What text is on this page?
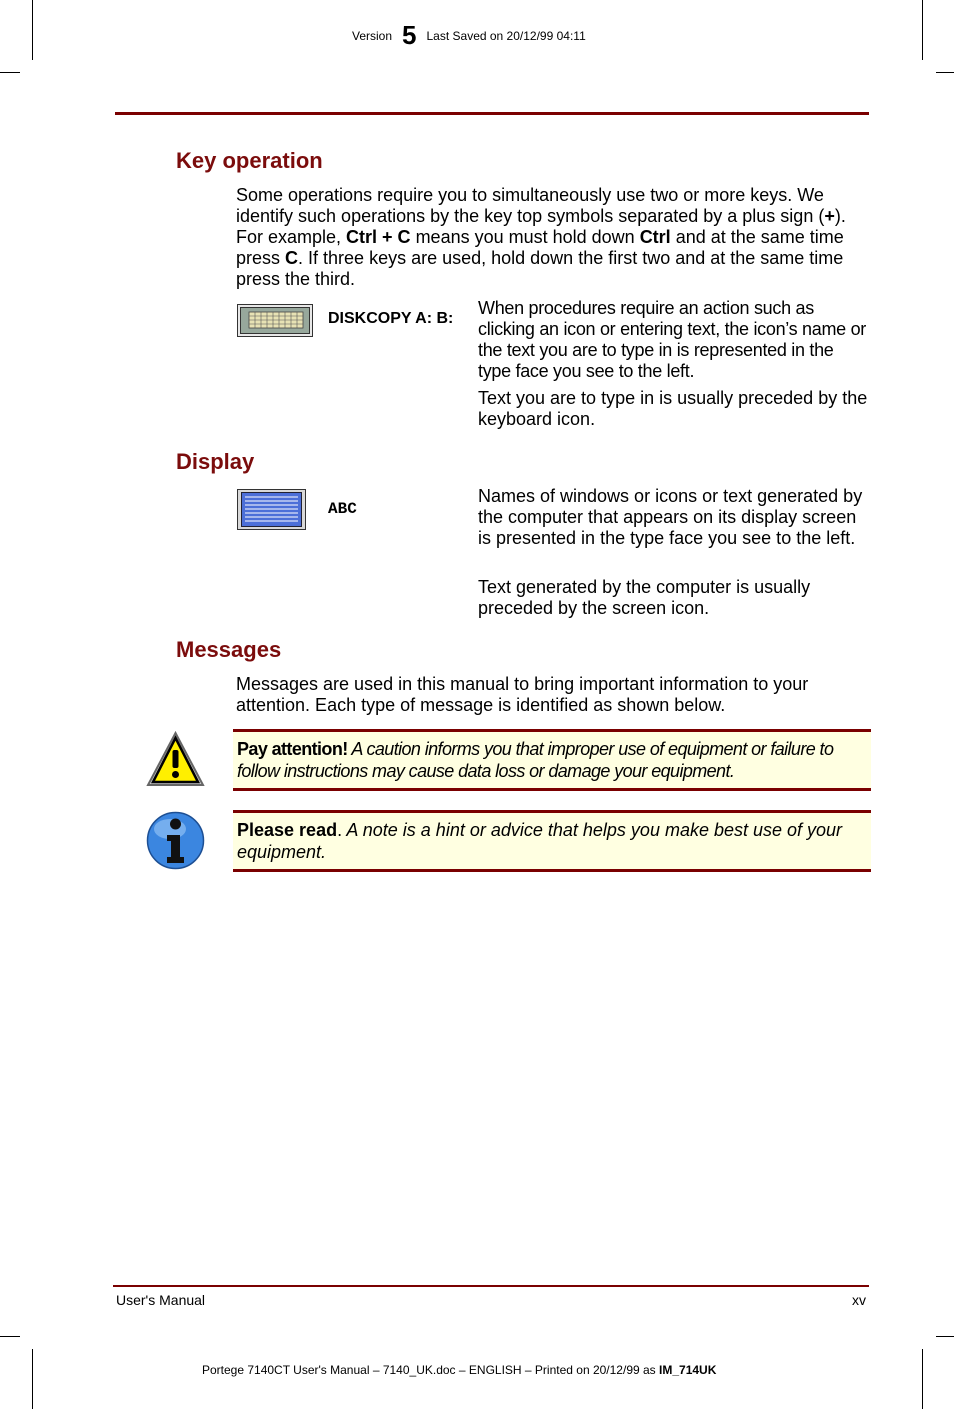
Version 5 Last Saved on 20/12/99 04:11
Key operation

Some operations require you to simultaneously use two or more keys. We identify such operations by the key top symbols separated by a plus sign (+). For example, Ctrl + C means you must hold down Ctrl and at the same time press C. If three keys are used, hold down the first two and at the same time press the third.

DISKCOPY A: B:

When procedures require an action such as clicking an icon or entering text, the icon’s name or the text you are to type in is represented in the type face you see to the left.

Text you are to type in is usually preceded by the keyboard icon.

Display
ABC

Names of windows or icons or text generated by the computer that appears on its display screen is presented in the type face you see to the left.

Text generated by the computer is usually preceded by the screen icon.

Messages

Messages are used in this manual to bring important information to your attention. Each type of message is identified as shown below.

Pay attention! A caution informs you that improper use of equipment or failure to follow instructions may cause data loss or damage your equipment.

Please read. A note is a hint or advice that helps you make best use of your equipment.

User's Manual	xv
Portege 7140CT User's Manual – 7140_UK.doc – ENGLISH – Printed on 20/12/99 as IM_714UK
